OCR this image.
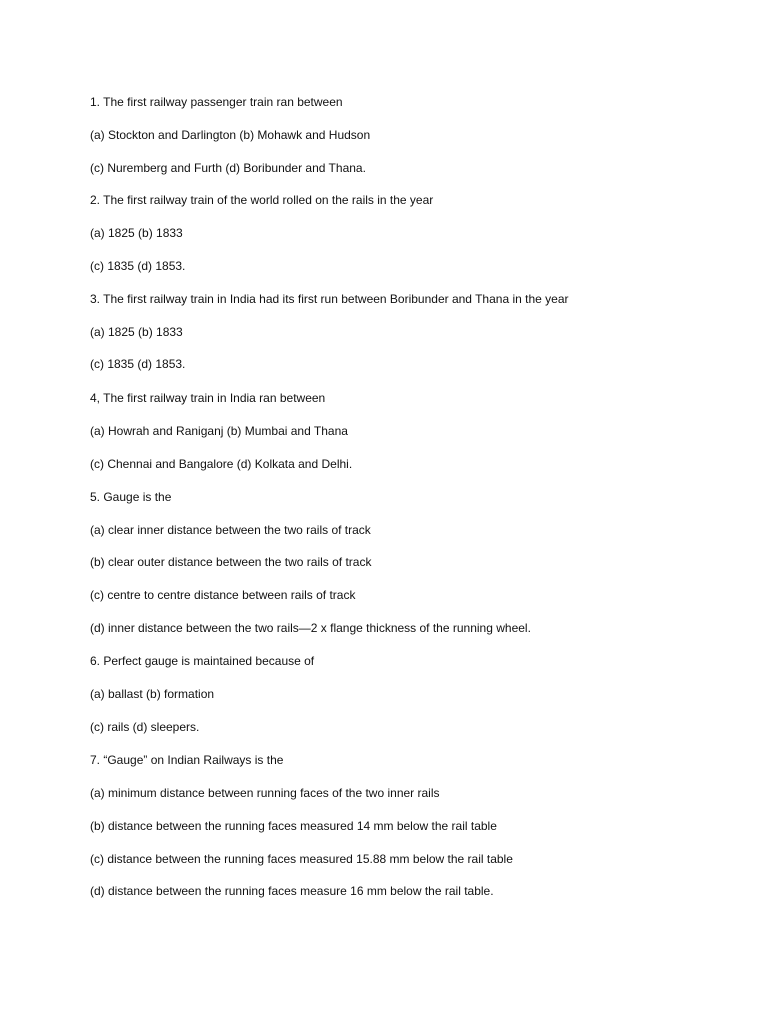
1. The first railway passenger train ran between

(a) Stockton and Darlington (b) Mohawk and Hudson

(c) Nuremberg and Furth (d) Boribunder and Thana.

2. The first railway train of the world rolled on the rails in the year

(a) 1825 (b) 1833

(c) 1835 (d) 1853.

3. The first railway train in India had its first run between Boribunder and Thana in the year

(a) 1825 (b) 1833

(c) 1835 (d) 1853.

4, The first railway train in India ran between

(a) Howrah and Raniganj (b) Mumbai and Thana

(c) Chennai and Bangalore (d) Kolkata and Delhi.

5. Gauge is the

(a) clear inner distance between the two rails of track

(b) clear outer distance between the two rails of track

(c) centre to centre distance between rails of track

(d) inner distance between the two rails—2 x flange thickness of the running wheel.

6. Perfect gauge is maintained because of

(a) ballast (b) formation

(c) rails (d) sleepers.

7. “Gauge” on Indian Railways is the

(a) minimum distance between running faces of the two inner rails

(b) distance between the running faces measured 14 mm below the rail table

(c) distance between the running faces measured 15.88 mm below the rail table

(d) distance between the running faces measure 16 mm below the rail table.
